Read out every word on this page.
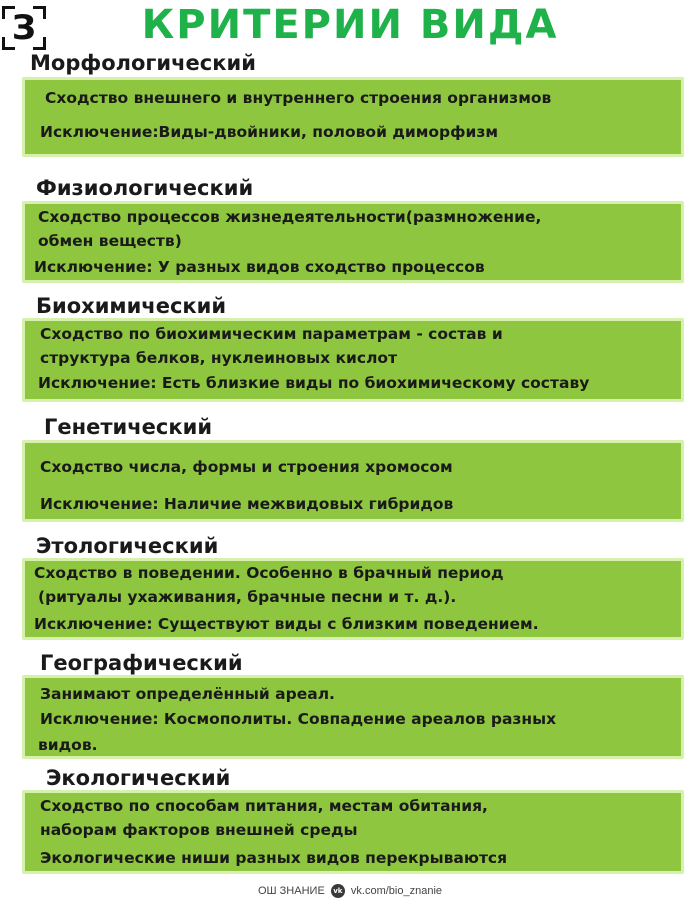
З	КРИТЕРИИ ВИДА
Морфологический
Сходство внешнего и внутреннего строения организмов
Исключение:Виды-двойники, половой диморфизм
Физиологический
Сходство процессов жизнедеятельности(размножение,
обмен веществ)
Исключение: У разных видов сходство процессов
Биохимический
Сходство по биохимическим параметрам - состав и
структура белков, нуклеиновых кислот
Исключение: Есть близкие виды по биохимическому составу
Генетический
Сходство числа, формы и строения хромосом
Исключение: Наличие межвидовых гибридов
Этологический
Сходство в поведении. Особенно в брачный период
(ритуалы ухаживания, брачные песни и т. д.).
Исключение: Существуют виды с близким поведением.
Географический
Занимают определённый ареал.
Исключение: Космополиты. Совпадение ареалов разных
видов.
Экологический
Сходство по способам питания, местам обитания,
наборам факторов внешней среды
Экологические ниши разных видов перекрываются
ОШ ЗНАНИЕ vk vk.com/bio_znanie
